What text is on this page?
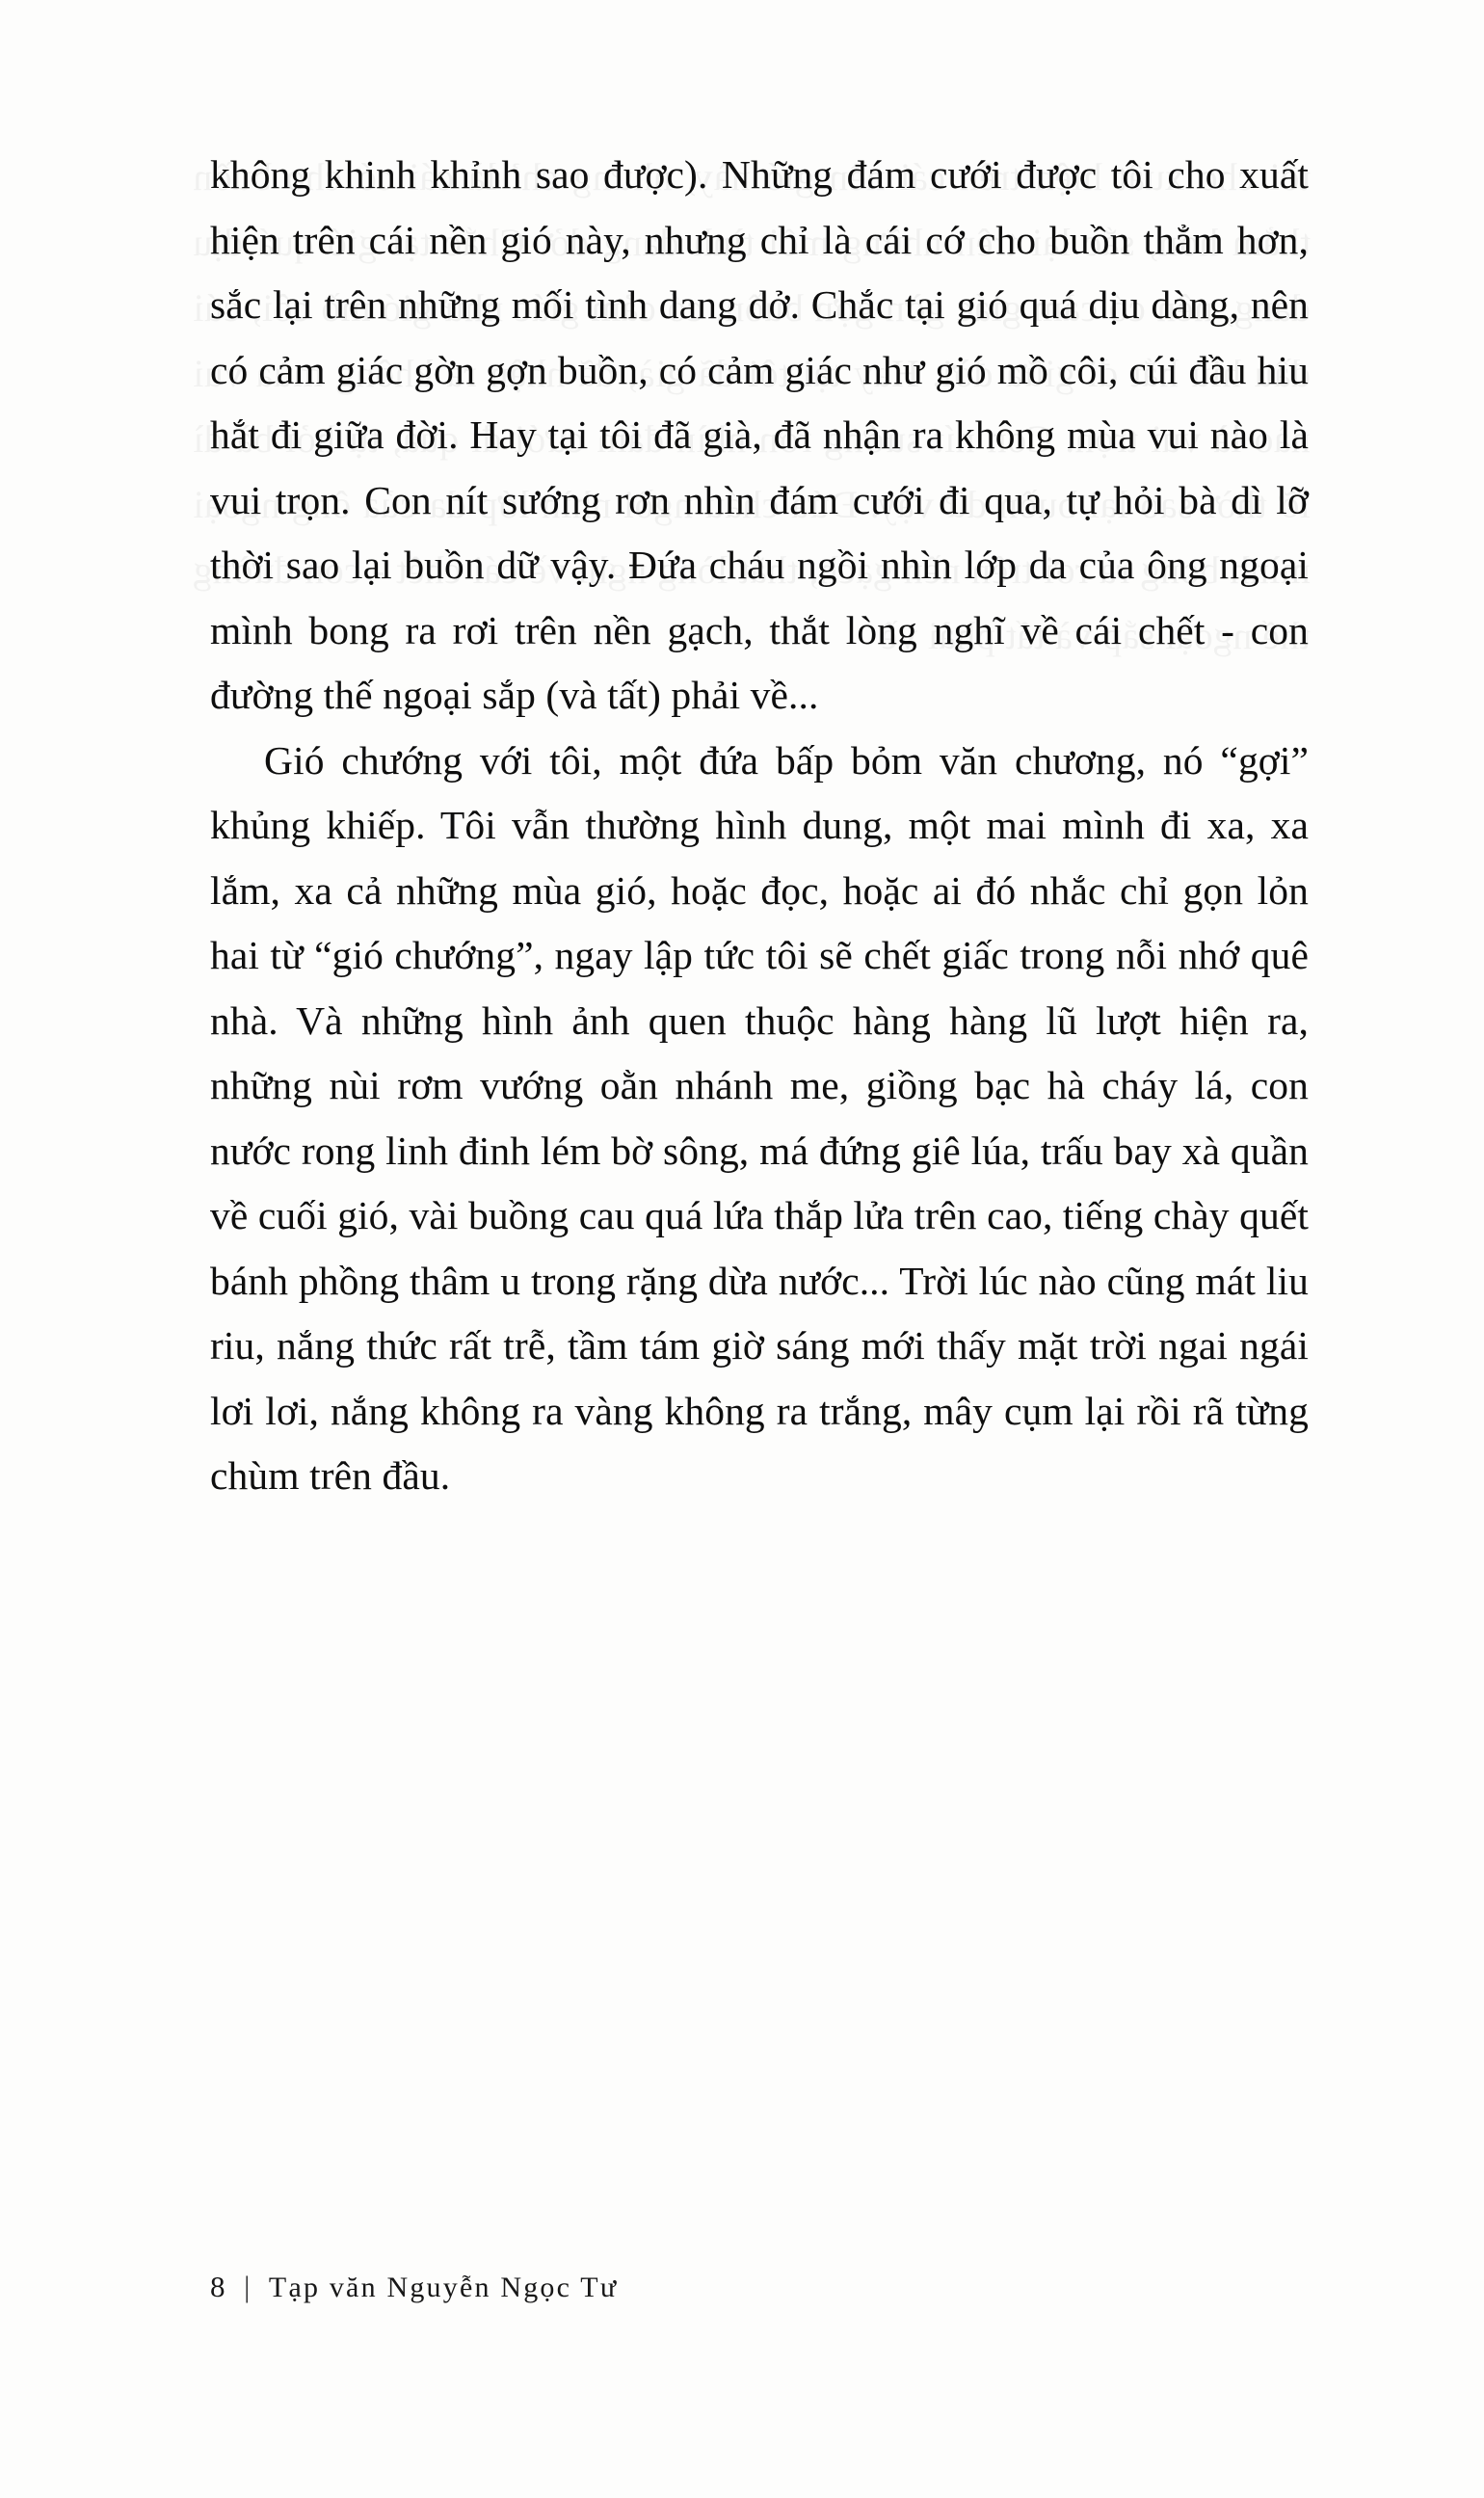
không khinh khỉnh sao được). Những đám cưới được tôi cho xuất hiện trên cái nền gió này, nhưng chỉ là cái cớ cho buồn thẳm hơn, sắc lại trên những mối tình dang dở. Chắc tại gió quá dịu dàng, nên có cảm giác gờn gợn buồn, có cảm giác như gió mồ côi, cúi đầu hiu hắt đi giữa đời. Hay tại tôi đã già, đã nhận ra không mùa vui nào là vui trọn. Con nít sướng rơn nhìn đám cưới đi qua, tự hỏi bà dì lỡ thời sao lại buồn dữ vậy. Đứa cháu ngồi nhìn lớp da của ông ngoại mình bong ra rơi trên nền gạch, thắt lòng nghĩ về cái chết - con đường thế ngoại sắp (và tất) phải về...

Gió chướng với tôi, một đứa bấp bỏm văn chương, nó “gợi” khủng khiếp. Tôi vẫn thường hình dung, một mai mình đi xa, xa lắm, xa cả những mùa gió, hoặc đọc, hoặc ai đó nhắc chỉ gọn lỏn hai từ “gió chướng”, ngay lập tức tôi sẽ chết giấc trong nỗi nhớ quê nhà. Và những hình ảnh quen thuộc hàng hàng lũ lượt hiện ra, những nùi rơm vướng oằn nhánh me, giồng bạc hà cháy lá, con nước rong linh đinh lém bờ sông, má đứng giê lúa, trấu bay xà quần về cuối gió, vài buồng cau quá lứa thắp lửa trên cao, tiếng chày quết bánh phồng thâm u trong rặng dừa nước... Trời lúc nào cũng mát liu riu, nắng thức rất trễ, tầm tám giờ sáng mới thấy mặt trời ngai ngái lơi lơi, nắng không ra vàng không ra trắng, mây cụm lại rồi rã từng chùm trên đầu.

8 | Tạp văn Nguyễn Ngọc Tư
